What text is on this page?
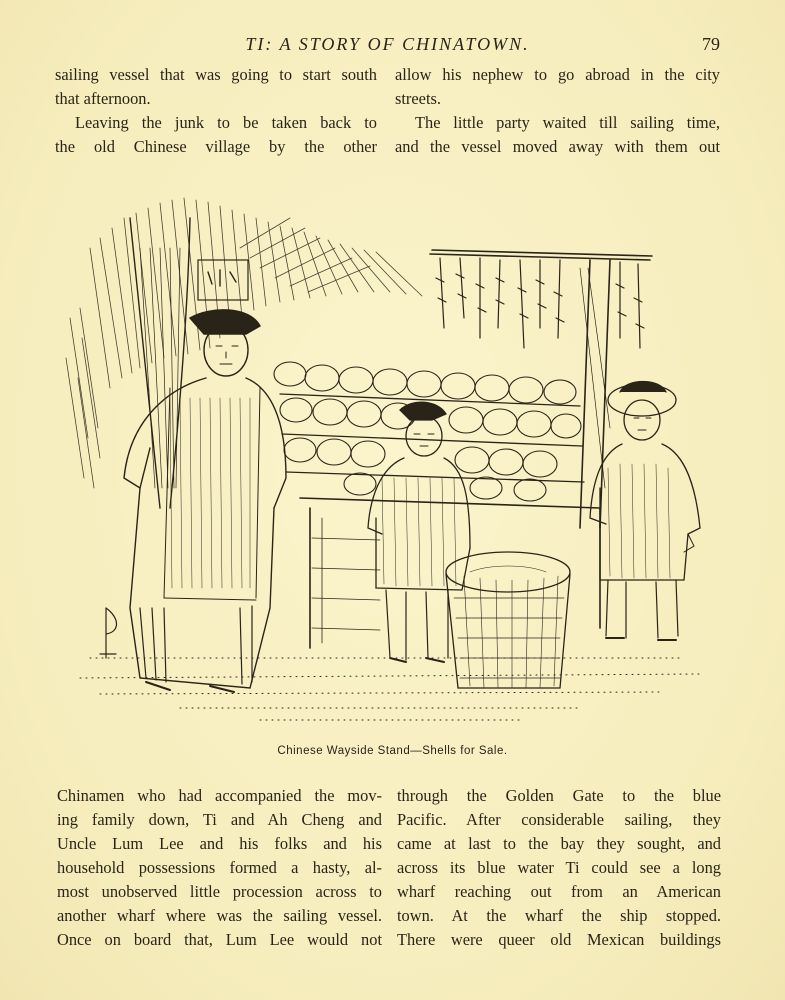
TI: A STORY OF CHINATOWN.	79
sailing vessel that was going to start south
that afternoon.
Leaving the junk to be taken back to
the old Chinese village by the other
allow his nephew to go abroad in the city
streets.
The little party waited till sailing time,
and the vessel moved away with them out
Chinese Wayside Stand—Shells for Sale.
Chinamen who had accompanied the mov-
ing family down, Ti and Ah Cheng and
Uncle Lum Lee and his folks and his
household possessions formed a hasty, al-
most unobserved little procession across to
another wharf where was the sailing vessel.
Once on board that, Lum Lee would not
through the Golden Gate to the blue
Pacific. After considerable sailing, they
came at last to the bay they sought, and
across its blue water Ti could see a long
wharf reaching out from an American
town. At the wharf the ship stopped.
There were queer old Mexican buildings
